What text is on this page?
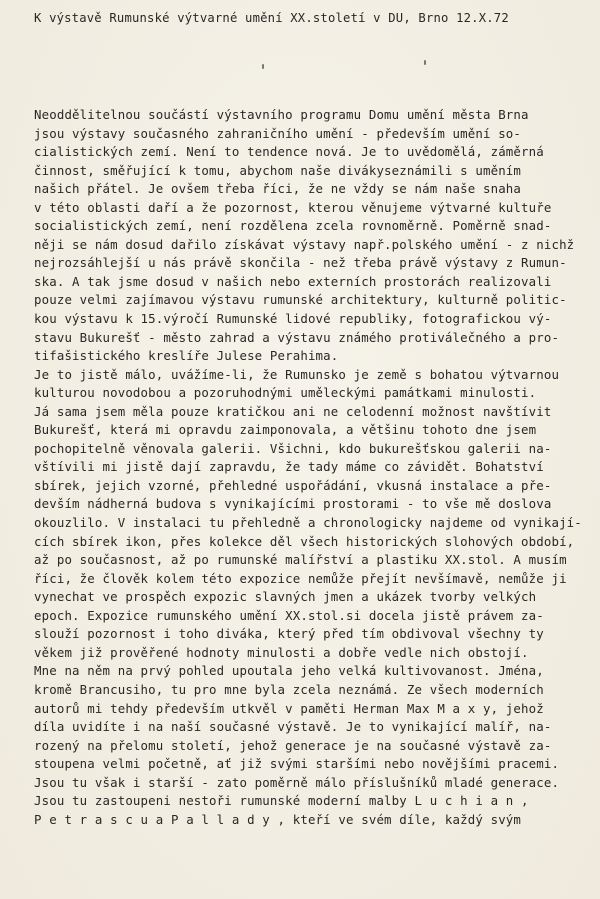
K výstavě Rumunské výtvarné umění XX.století v DU, Brno 12.X.72
Neoddělitelnou součástí výstavního programu Domu umění města Brna
jsou výstavy současného zahraničního umění - především umění so-
cialistických zemí. Není to tendence nová. Je to uvědomělá, záměrná
činnost, směřující k tomu, abychom naše divákyseznámili s uměním
našich přátel. Je ovšem třeba říci, že ne vždy se nám naše snaha
v této oblasti daří a že pozornost, kterou věnujeme výtvarné kultuře
socialistických zemí, není rozdělena zcela rovnoměrně. Poměrně snad-
něji se nám dosud dařilo získávat výstavy např.polského umění - z nichž
nejrozsáhlejší u nás právě skončila - než třeba právě výstavy z Rumun-
ska. A tak jsme dosud v našich nebo externích prostorách realizovali
pouze velmi zajímavou výstavu rumunské architektury, kulturně politic-
kou výstavu k 15.výročí Rumunské lidové republiky, fotografickou vý-
stavu Bukurešť - město zahrad a výstavu známého protiválečného a pro-
tifašistického kreslíře Julese Perahima.
Je to jistě málo, uvážíme-li, že Rumunsko je země s bohatou výtvarnou
kulturou novodobou a pozoruhodnými uměleckými památkami minulosti.
Já sama jsem měla pouze kratičkou ani ne celodenní možnost navštívit
Bukurešť, která mi opravdu zaimponovala, a většinu tohoto dne jsem
pochopitelně věnovala galerii. Všichni, kdo bukurešťskou galerii na-
vštívili mi jistě dají zapravdu, že tady máme co závidět. Bohatství
sbírek, jejich vzorné, přehledné uspořádání, vkusná instalace a pře-
devším nádherná budova s vynikajícími prostorami - to vše mě doslova
okouzlilo. V instalaci tu přehledně a chronologicky najdeme od vynikají-
cích sbírek ikon, přes kolekce děl všech historických slohových období,
až po současnost, až po rumunské malířství a plastiku XX.stol. A musím
říci, že člověk kolem této expozice nemůže přejít nevšímavě, nemůže ji
vynechat ve prospěch expozic slavných jmen a ukázek tvorby velkých
epoch. Expozice rumunského umění XX.stol.si docela jistě právem za-
slouží pozornost i toho diváka, který před tím obdivoval všechny ty
věkem již prověřené hodnoty minulosti a dobře vedle nich obstojí.
Mne na něm na prvý pohled upoutala jeho velká kultivovanost. Jména,
kromě Brancusiho, tu pro mne byla zcela neznámá. Ze všech moderních
autorů mi tehdy především utkvěl v paměti Herman Max M a x y, jehož
díla uvidíte i na naší současné výstavě. Je to vynikající malíř, na-
rozený na přelomu století, jehož generace je na současné výstavě za-
stoupena velmi početně, ať již svými staršími nebo novějšími pracemi.
Jsou tu však i starší - zato poměrně málo příslušníků mladé generace.
Jsou tu zastoupeni nestoři rumunské moderní malby L u c h i a n ,
P e t r a s c u a P a l l a d y , kteří ve svém díle, každý svým
